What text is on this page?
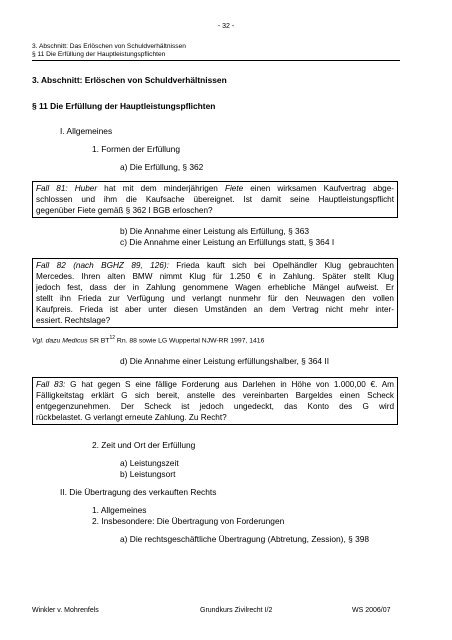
- 32 -
3. Abschnitt: Das Erlöschen von Schuldverhältnissen
§ 11 Die Erfüllung der Hauptleistungspflichten
3. Abschnitt: Erlöschen von Schuldverhältnissen
§ 11 Die Erfüllung der Hauptleistungspflichten
I. Allgemeines
1. Formen der Erfüllung
a) Die Erfüllung, § 362
Fall 81: Huber hat mit dem minderjährigen Fiete einen wirksamen Kaufvertrag abge-
schlossen und ihm die Kaufsache übereignet. Ist damit seine Hauptleistungspflicht
gegenüber Fiete gemäß § 362 I BGB erloschen?
b) Die Annahme einer Leistung als Erfüllung, § 363
c) Die Annahme einer Leistung an Erfüllungs statt, § 364 I
Fall 82 (nach BGHZ 89, 126): Frieda kauft sich bei Opelhändler Klug gebrauchten
Mercedes. Ihren alten BMW nimmt Klug für 1.250 € in Zahlung. Später stellt Klug
jedoch fest, dass der in Zahlung genommene Wagen erhebliche Mängel aufweist. Er
stellt ihn Frieda zur Verfügung und verlangt nunmehr für den Neuwagen den vollen
Kaufpreis. Frieda ist aber unter diesen Umständen an dem Vertrag nicht mehr inter-
essiert. Rechtslage?
Vgl. dazu Medicus SR BT$^{12}$ Rn. 88 sowie LG Wuppertal NJW-RR 1997, 1416
d) Die Annahme einer Leistung erfüllungshalber, § 364 II
Fall 83: G hat gegen S eine fällige Forderung aus Darlehen in Höhe von 1.000,00 €. Am
Fälligkeitstag erklärt G sich bereit, anstelle des vereinbarten Bargeldes einen Scheck
entgegenzunehmen. Der Scheck ist jedoch ungedeckt, das Konto des G wird
rückbelastet. G verlangt erneute Zahlung. Zu Recht?
2. Zeit und Ort der Erfüllung
a) Leistungszeit
b) Leistungsort
II. Die Übertragung des verkauften Rechts
1. Allgemeines
2. Insbesondere: Die Übertragung von Forderungen
a) Die rechtsgeschäftliche Übertragung (Abtretung, Zession), § 398
Winkler v. Mohrenfels	Grundkurs Zivilrecht I/2	WS 2006/07
